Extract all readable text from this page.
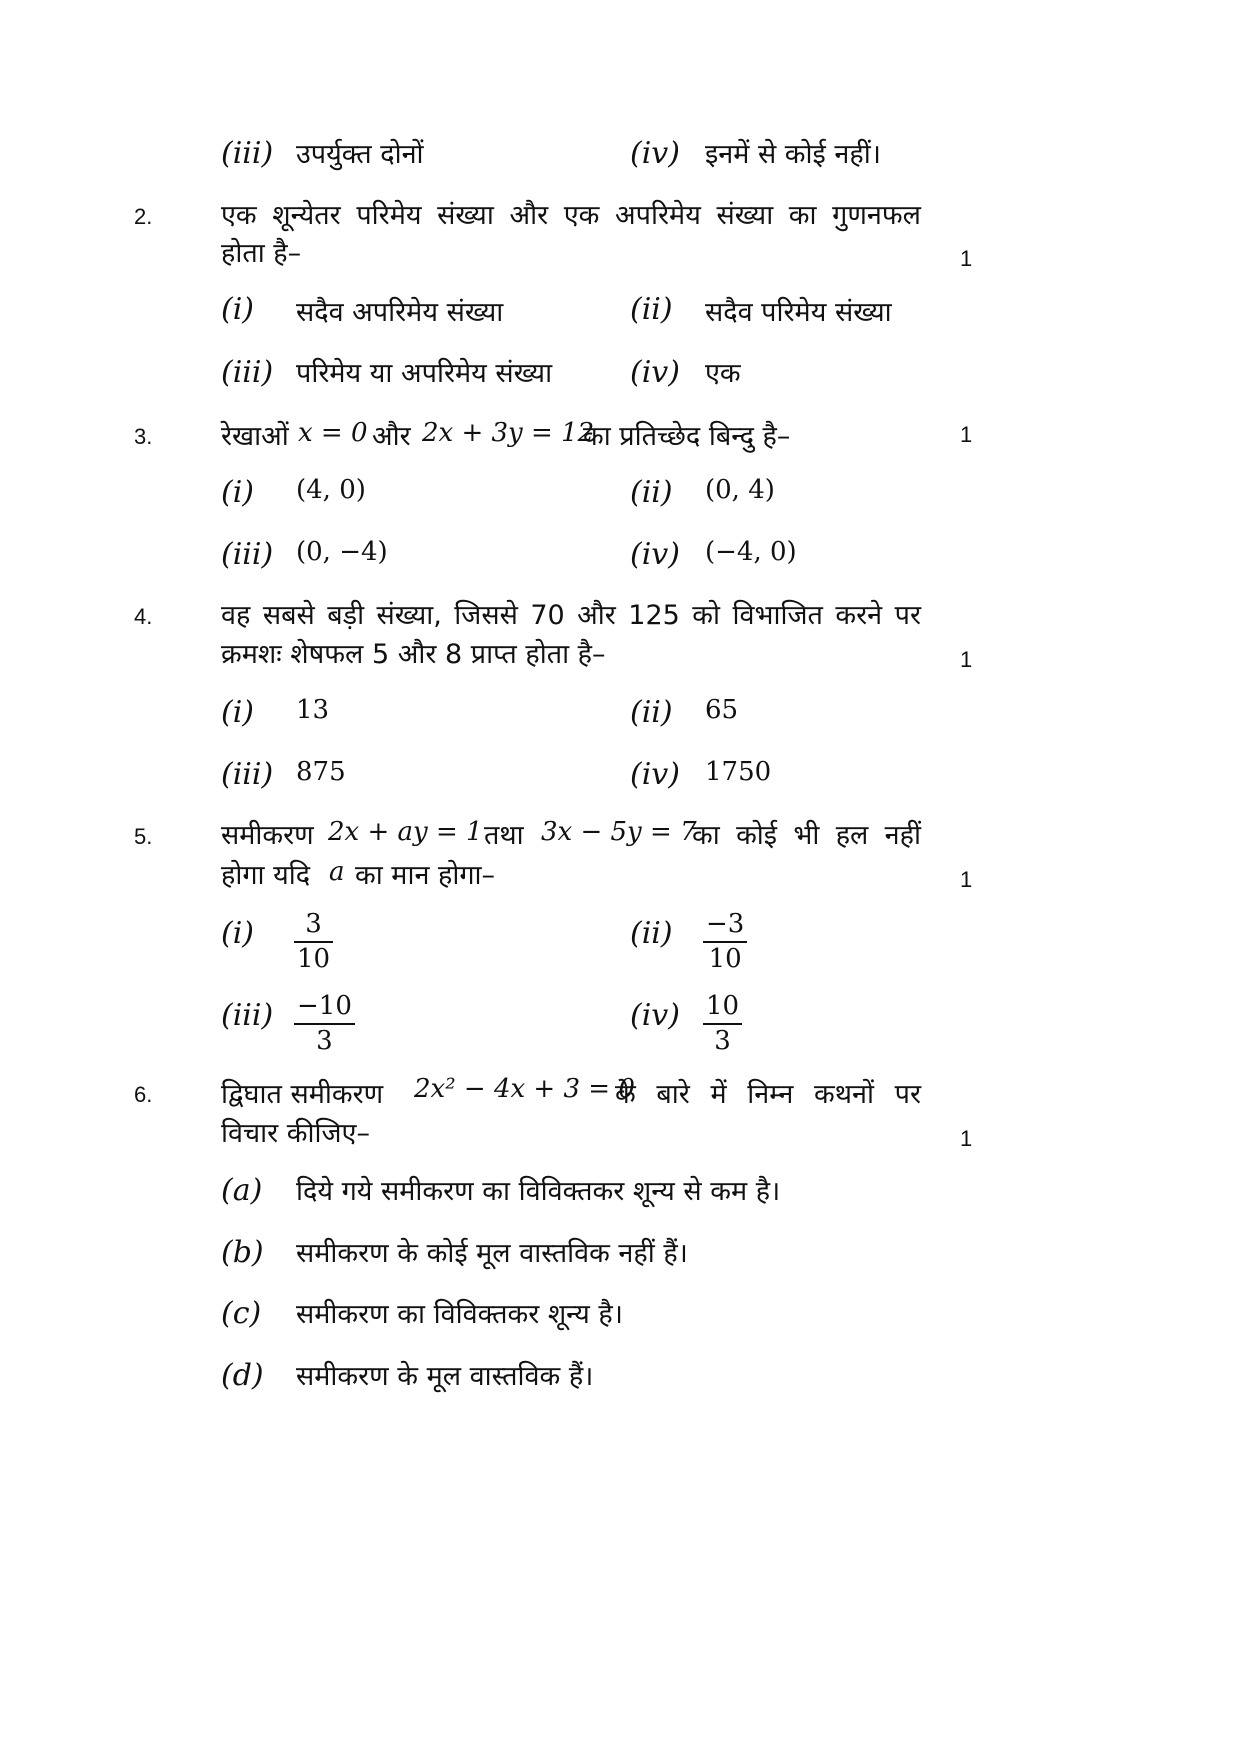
(iii) उपर्युक्त दोनों	(iv) इनमें से कोई नहीं।
2.	एक शून्येतर परिमेय संख्या और एक अपरिमेय संख्या का गुणनफल
होता है–	1
(i) सदैव अपरिमेय संख्या	(ii) सदैव परिमेय संख्या
(iii) परिमेय या अपरिमेय संख्या	(iv) एक
3.	रेखाओं x = 0 और 2x + 3y = 12
का प्रतिच्छेद बिन्दु है–	1
(i) (4, 0)	(ii) (0, 4)
(iii) (0, −4)	(iv) (−4, 0)
4.	वह सबसे बड़ी संख्या, जिससे 70 और 125 को विभाजित करने पर
क्रमशः शेषफल 5 और 8 प्राप्त होता है–	1
(i) 13	(ii) 65
(iii) 875	(iv) 1750
5.	समीकरण 2x + ay = 1 तथा 3x − 5y = 7
का कोई भी हल नहीं
होगा यदि a का मान होगा–	1
(i) 3
10
(ii) −3
10
(iii) −10
3
(iv) 10
3
6.	द्विघात समीकरण 2x² − 4x + 3 = 0
के बारे में निम्न कथनों पर
विचार कीजिए–	1
(a) दिये गये समीकरण का विविक्तकर शून्य से कम है।
(b) समीकरण के कोई मूल वास्तविक नहीं हैं।
(c) समीकरण का विविक्तकर शून्य है।
(d) समीकरण के मूल वास्तविक हैं।
